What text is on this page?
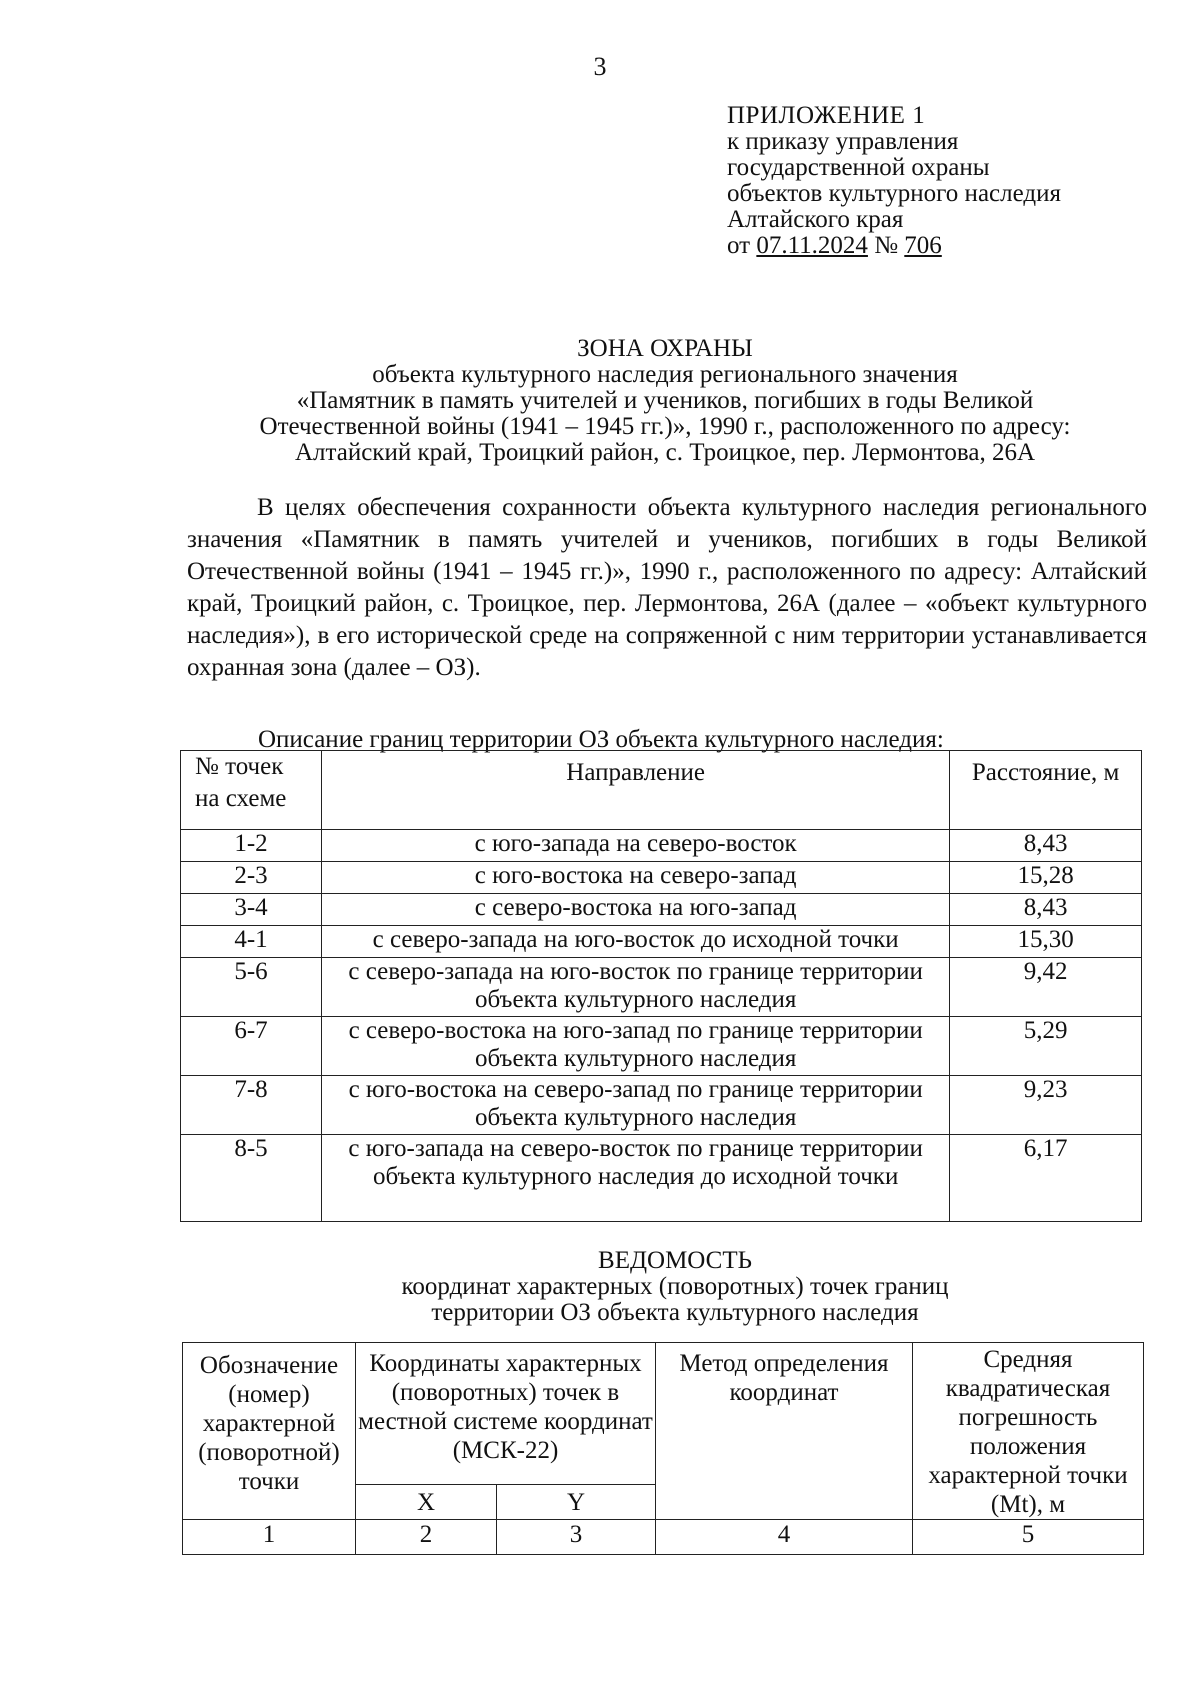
3
ПРИЛОЖЕНИЕ 1
к приказу управления
государственной охраны
объектов культурного наследия
Алтайского края
от 07.11.2024 № 706
ЗОНА ОХРАНЫ
объекта культурного наследия регионального значения
«Памятник в память учителей и учеников, погибших в годы Великой
Отечественной войны (1941 – 1945 гг.)», 1990 г., расположенного по адресу:
Алтайский край, Троицкий район, с. Троицкое, пер. Лермонтова, 26А
В целях обеспечения сохранности объекта культурного наследия регионального значения «Памятник в память учителей и учеников, погибших в годы Великой Отечественной войны (1941 – 1945 гг.)», 1990 г., расположенного по адресу: Алтайский край, Троицкий район, с. Троицкое, пер. Лермонтова, 26А (далее – «объект культурного наследия»), в его исторической среде на сопряженной с ним территории устанавливается охранная зона (далее – ОЗ).
Описание границ территории ОЗ объекта культурного наследия:
№ точек
на схеме	Направление	Расстояние, м
1-2	с юго-запада на северо-восток	8,43
2-3	с юго-востока на северо-запад	15,28
3-4	с северо-востока на юго-запад	8,43
4-1	с северо-запада на юго-восток до исходной точки	15,30
5-6	с северо-запада на юго-восток по границе территории объекта культурного наследия	9,42
6-7	с северо-востока на юго-запад по границе территории объекта культурного наследия	5,29
7-8	с юго-востока на северо-запад по границе территории объекта культурного наследия	9,23
8-5	с юго-запада на северо-восток по границе территории объекта культурного наследия до исходной точки	6,17
ВЕДОМОСТЬ
координат характерных (поворотных) точек границ
территории ОЗ объекта культурного наследия
Обозначение (номер) характерной (поворотной) точки	Координаты характерных (поворотных) точек в местной системе координат (МСК-22)		Метод определения координат	Средняя квадратическая погрешность положения характерной точки (Mt), м
	X	Y		
1	2	3	4	5
